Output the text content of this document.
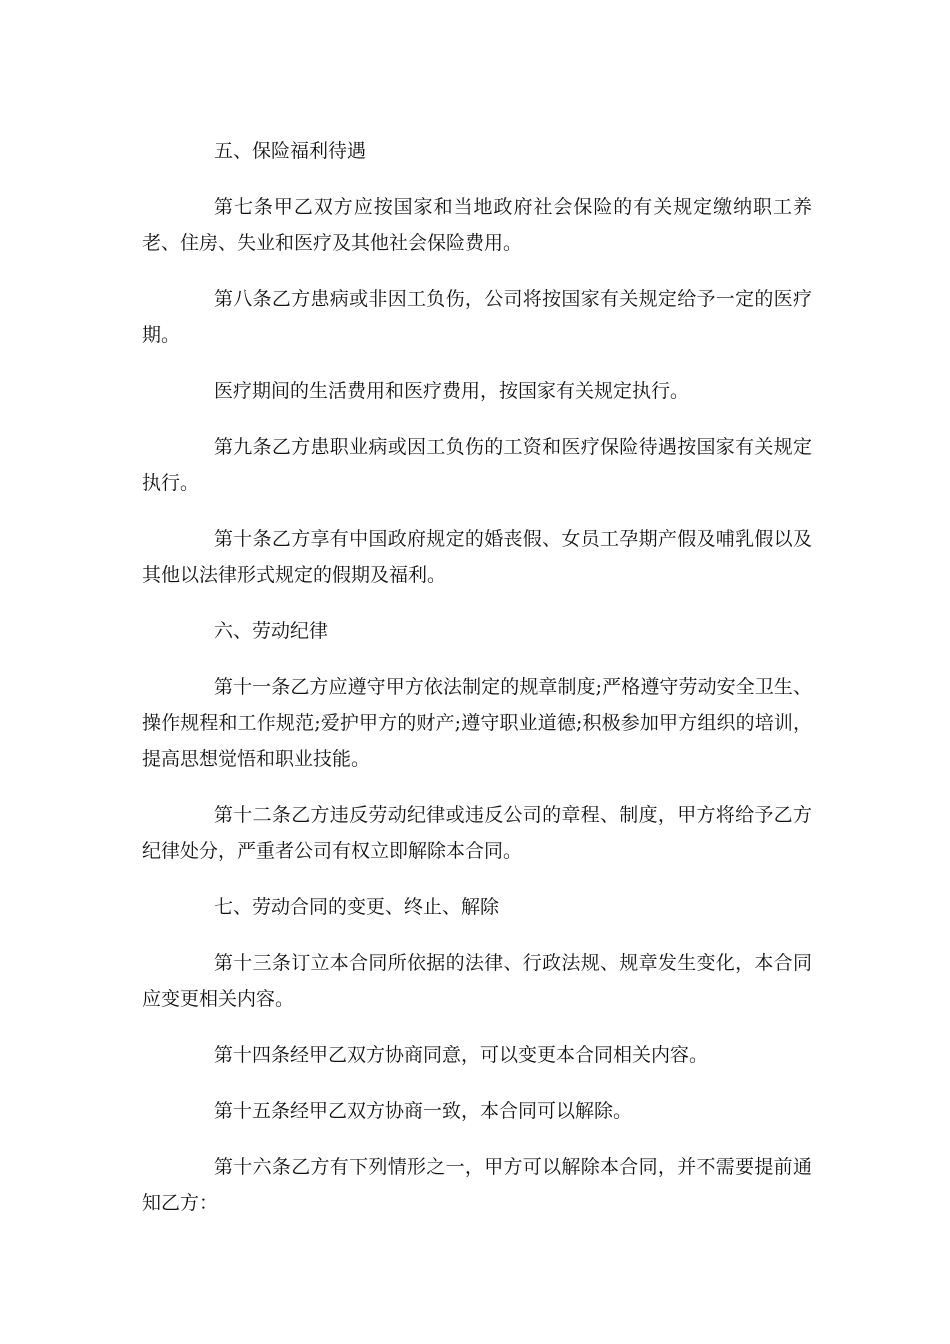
五、保险福利待遇

第七条甲乙双方应按国家和当地政府社会保险的有关规定缴纳职工养老、住房、失业和医疗及其他社会保险费用。

第八条乙方患病或非因工负伤，公司将按国家有关规定给予一定的医疗期。

医疗期间的生活费用和医疗费用，按国家有关规定执行。

第九条乙方患职业病或因工负伤的工资和医疗保险待遇按国家有关规定执行。

第十条乙方享有中国政府规定的婚丧假、女员工孕期产假及哺乳假以及其他以法律形式规定的假期及福利。

六、劳动纪律

第十一条乙方应遵守甲方依法制定的规章制度;严格遵守劳动安全卫生、操作规程和工作规范;爱护甲方的财产;遵守职业道德;积极参加甲方组织的培训，提高思想觉悟和职业技能。

第十二条乙方违反劳动纪律或违反公司的章程、制度，甲方将给予乙方纪律处分，严重者公司有权立即解除本合同。

七、劳动合同的变更、终止、解除

第十三条订立本合同所依据的法律、行政法规、规章发生变化，本合同应变更相关内容。

第十四条经甲乙双方协商同意，可以变更本合同相关内容。

第十五条经甲乙双方协商一致，本合同可以解除。

第十六条乙方有下列情形之一，甲方可以解除本合同，并不需要提前通知乙方：
